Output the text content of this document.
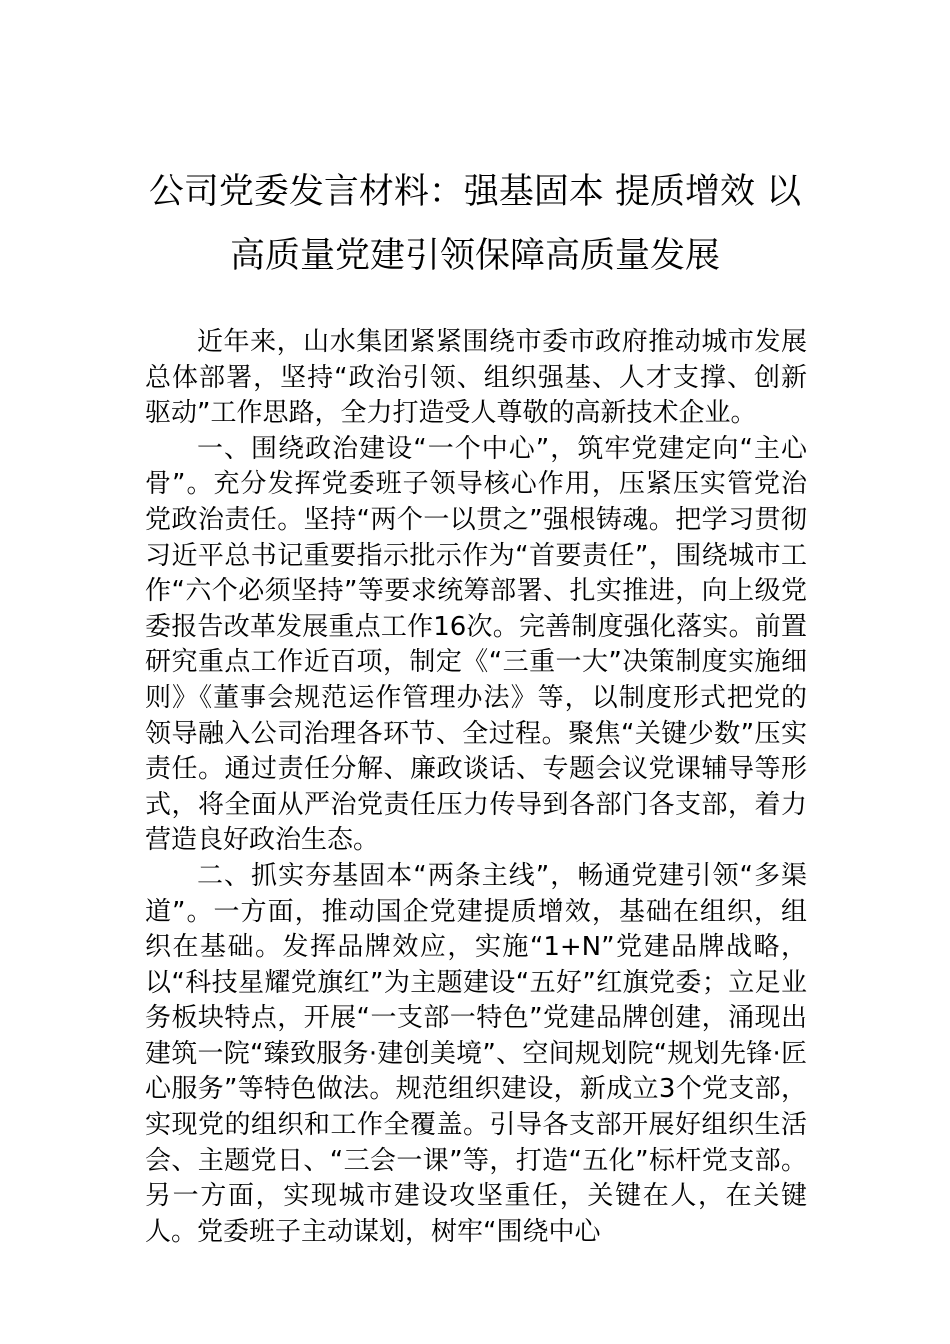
公司党委发言材料：强基固本 提质增效 以
高质量党建引领保障高质量发展

近年来，山水集团紧紧围绕市委市政府推动城市发展总体部署，坚持“政治引领、组织强基、人才支撑、创新驱动”工作思路，全力打造受人尊敬的高新技术企业。

一、围绕政治建设“一个中心”，筑牢党建定向“主心骨”。充分发挥党委班子领导核心作用，压紧压实管党治党政治责任。坚持“两个一以贯之”强根铸魂。把学习贯彻习近平总书记重要指示批示作为“首要责任”，围绕城市工作“六个必须坚持”等要求统筹部署、扎实推进，向上级党委报告改革发展重点工作16次。完善制度强化落实。前置研究重点工作近百项，制定《“三重一大”决策制度实施细则》《董事会规范运作管理办法》等，以制度形式把党的领导融入公司治理各环节、全过程。聚焦“关键少数”压实责任。通过责任分解、廉政谈话、专题会议党课辅导等形式，将全面从严治党责任压力传导到各部门各支部，着力营造良好政治生态。

二、抓实夯基固本“两条主线”，畅通党建引领“多渠道”。一方面，推动国企党建提质增效，基础在组织，组织在基础。发挥品牌效应，实施“1+N”党建品牌战略，以“科技星耀党旗红”为主题建设“五好”红旗党委；立足业务板块特点，开展“一支部一特色”党建品牌创建，涌现出建筑一院“臻致服务·建创美境”、空间规划院“规划先锋·匠心服务”等特色做法。规范组织建设，新成立3个党支部，实现党的组织和工作全覆盖。引导各支部开展好组织生活会、主题党日、“三会一课”等，打造“五化”标杆党支部。另一方面，实现城市建设攻坚重任，关键在人，在关键人。党委班子主动谋划，树牢“围绕中心
